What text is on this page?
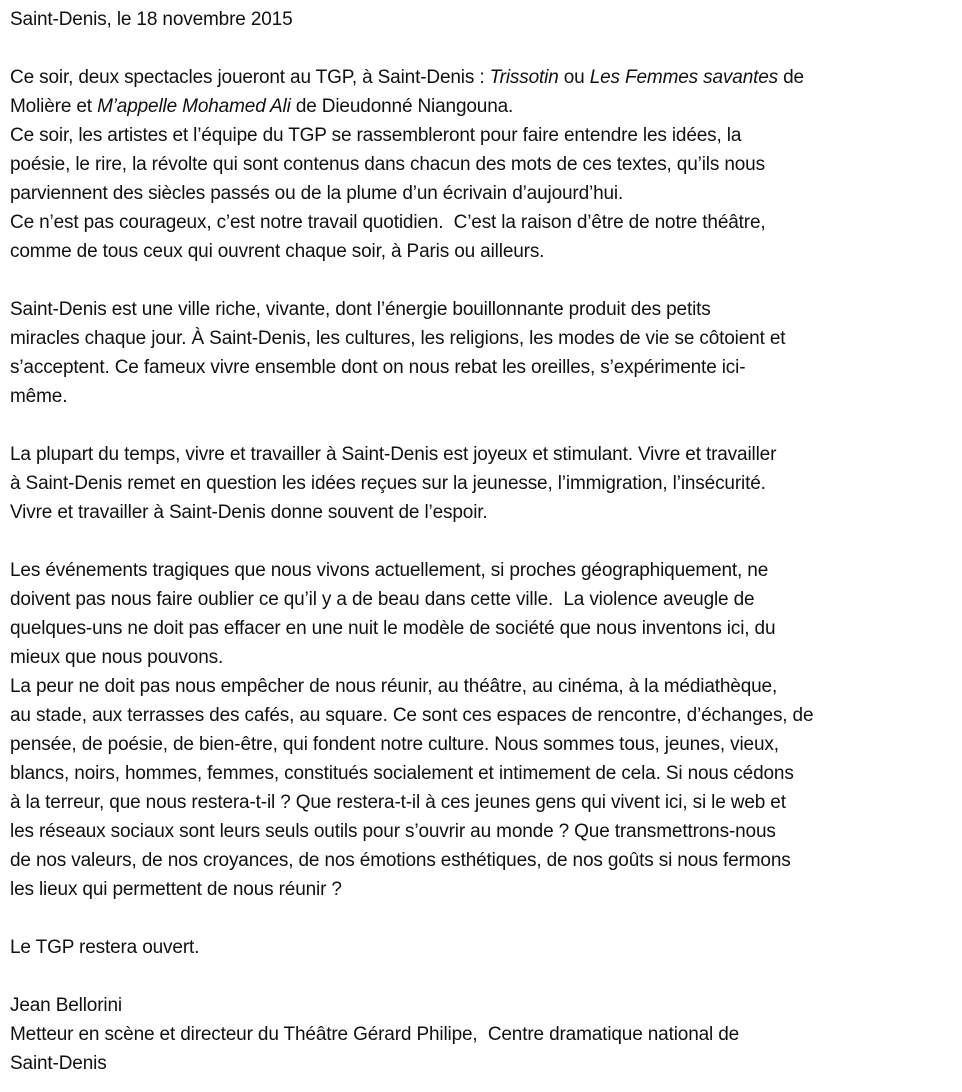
Saint-Denis, le 18 novembre 2015
Ce soir, deux spectacles joueront au TGP, à Saint-Denis : Trissotin ou Les Femmes savantes de
Molière et M’appelle Mohamed Ali de Dieudonné Niangouna.
Ce soir, les artistes et l’équipe du TGP se rassembleront pour faire entendre les idées, la
poésie, le rire, la révolte qui sont contenus dans chacun des mots de ces textes, qu’ils nous
parviennent des siècles passés ou de la plume d’un écrivain d’aujourd’hui.
Ce n’est pas courageux, c’est notre travail quotidien.  C’est la raison d’être de notre théâtre,
comme de tous ceux qui ouvrent chaque soir, à Paris ou ailleurs.
Saint-Denis est une ville riche, vivante, dont l’énergie bouillonnante produit des petits
miracles chaque jour. À Saint-Denis, les cultures, les religions, les modes de vie se côtoient et
s’acceptent. Ce fameux vivre ensemble dont on nous rebat les oreilles, s’expérimente ici-
même.
La plupart du temps, vivre et travailler à Saint-Denis est joyeux et stimulant. Vivre et travailler
à Saint-Denis remet en question les idées reçues sur la jeunesse, l’immigration, l’insécurité.
Vivre et travailler à Saint-Denis donne souvent de l’espoir.
Les événements tragiques que nous vivons actuellement, si proches géographiquement, ne
doivent pas nous faire oublier ce qu’il y a de beau dans cette ville.  La violence aveugle de
quelques-uns ne doit pas effacer en une nuit le modèle de société que nous inventons ici, du
mieux que nous pouvons.
La peur ne doit pas nous empêcher de nous réunir, au théâtre, au cinéma, à la médiathèque,
au stade, aux terrasses des cafés, au square. Ce sont ces espaces de rencontre, d’échanges, de
pensée, de poésie, de bien-être, qui fondent notre culture. Nous sommes tous, jeunes, vieux,
blancs, noirs, hommes, femmes, constitués socialement et intimement de cela. Si nous cédons
à la terreur, que nous restera-t-il ? Que restera-t-il à ces jeunes gens qui vivent ici, si le web et
les réseaux sociaux sont leurs seuls outils pour s’ouvrir au monde ? Que transmettrons-nous
de nos valeurs, de nos croyances, de nos émotions esthétiques, de nos goûts si nous fermons
les lieux qui permettent de nous réunir ?
Le TGP restera ouvert.
Jean Bellorini
Metteur en scène et directeur du Théâtre Gérard Philipe,  Centre dramatique national de
Saint-Denis
